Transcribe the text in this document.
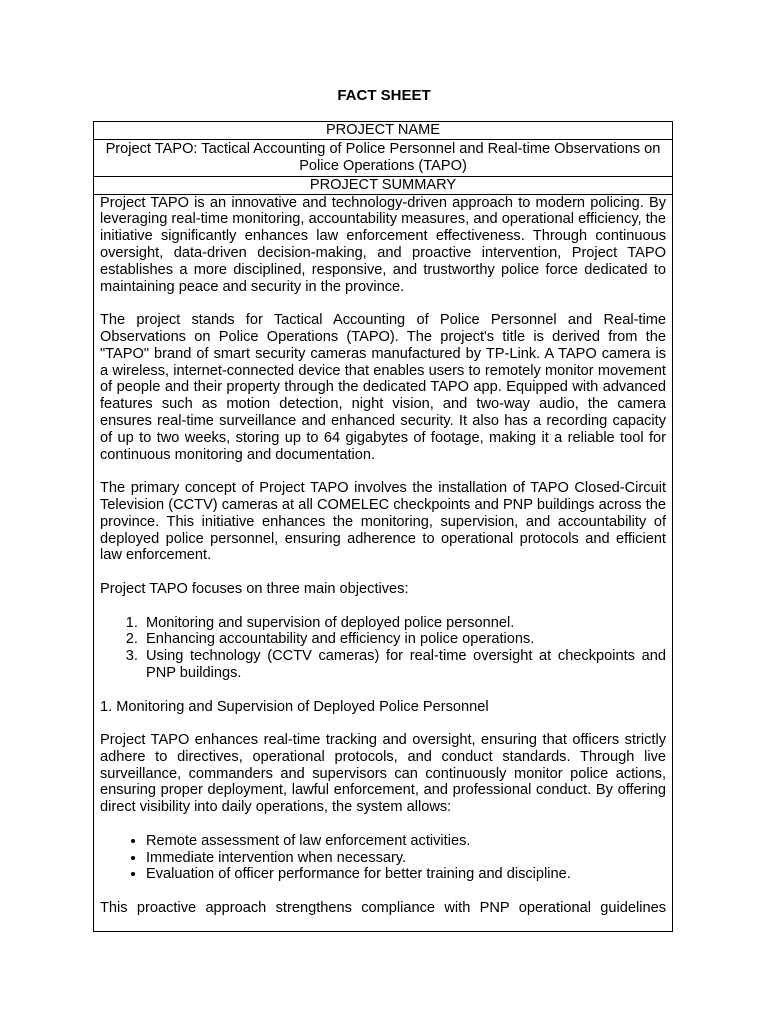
FACT SHEET
PROJECT NAME
Project TAPO: Tactical Accounting of Police Personnel and Real-time Observations on Police Operations (TAPO)
PROJECT SUMMARY

Project TAPO is an innovative and technology-driven approach to modern policing. By leveraging real-time monitoring, accountability measures, and operational efficiency, the initiative significantly enhances law enforcement effectiveness. Through continuous oversight, data-driven decision-making, and proactive intervention, Project TAPO establishes a more disciplined, responsive, and trustworthy police force dedicated to maintaining peace and security in the province.

The project stands for Tactical Accounting of Police Personnel and Real-time Observations on Police Operations (TAPO). The project's title is derived from the "TAPO" brand of smart security cameras manufactured by TP-Link. A TAPO camera is a wireless, internet-connected device that enables users to remotely monitor movement of people and their property through the dedicated TAPO app. Equipped with advanced features such as motion detection, night vision, and two-way audio, the camera ensures real-time surveillance and enhanced security. It also has a recording capacity of up to two weeks, storing up to 64 gigabytes of footage, making it a reliable tool for continuous monitoring and documentation.

The primary concept of Project TAPO involves the installation of TAPO Closed-Circuit Television (CCTV) cameras at all COMELEC checkpoints and PNP buildings across the province. This initiative enhances the monitoring, supervision, and accountability of deployed police personnel, ensuring adherence to operational protocols and efficient law enforcement.

Project TAPO focuses on three main objectives:

1. Monitoring and supervision of deployed police personnel.
2. Enhancing accountability and efficiency in police operations.
3. Using technology (CCTV cameras) for real-time oversight at checkpoints and PNP buildings.

1. Monitoring and Supervision of Deployed Police Personnel

Project TAPO enhances real-time tracking and oversight, ensuring that officers strictly adhere to directives, operational protocols, and conduct standards. Through live surveillance, commanders and supervisors can continuously monitor police actions, ensuring proper deployment, lawful enforcement, and professional conduct. By offering direct visibility into daily operations, the system allows:

• Remote assessment of law enforcement activities.
• Immediate intervention when necessary.
• Evaluation of officer performance for better training and discipline.

This proactive approach strengthens compliance with PNP operational guidelines
